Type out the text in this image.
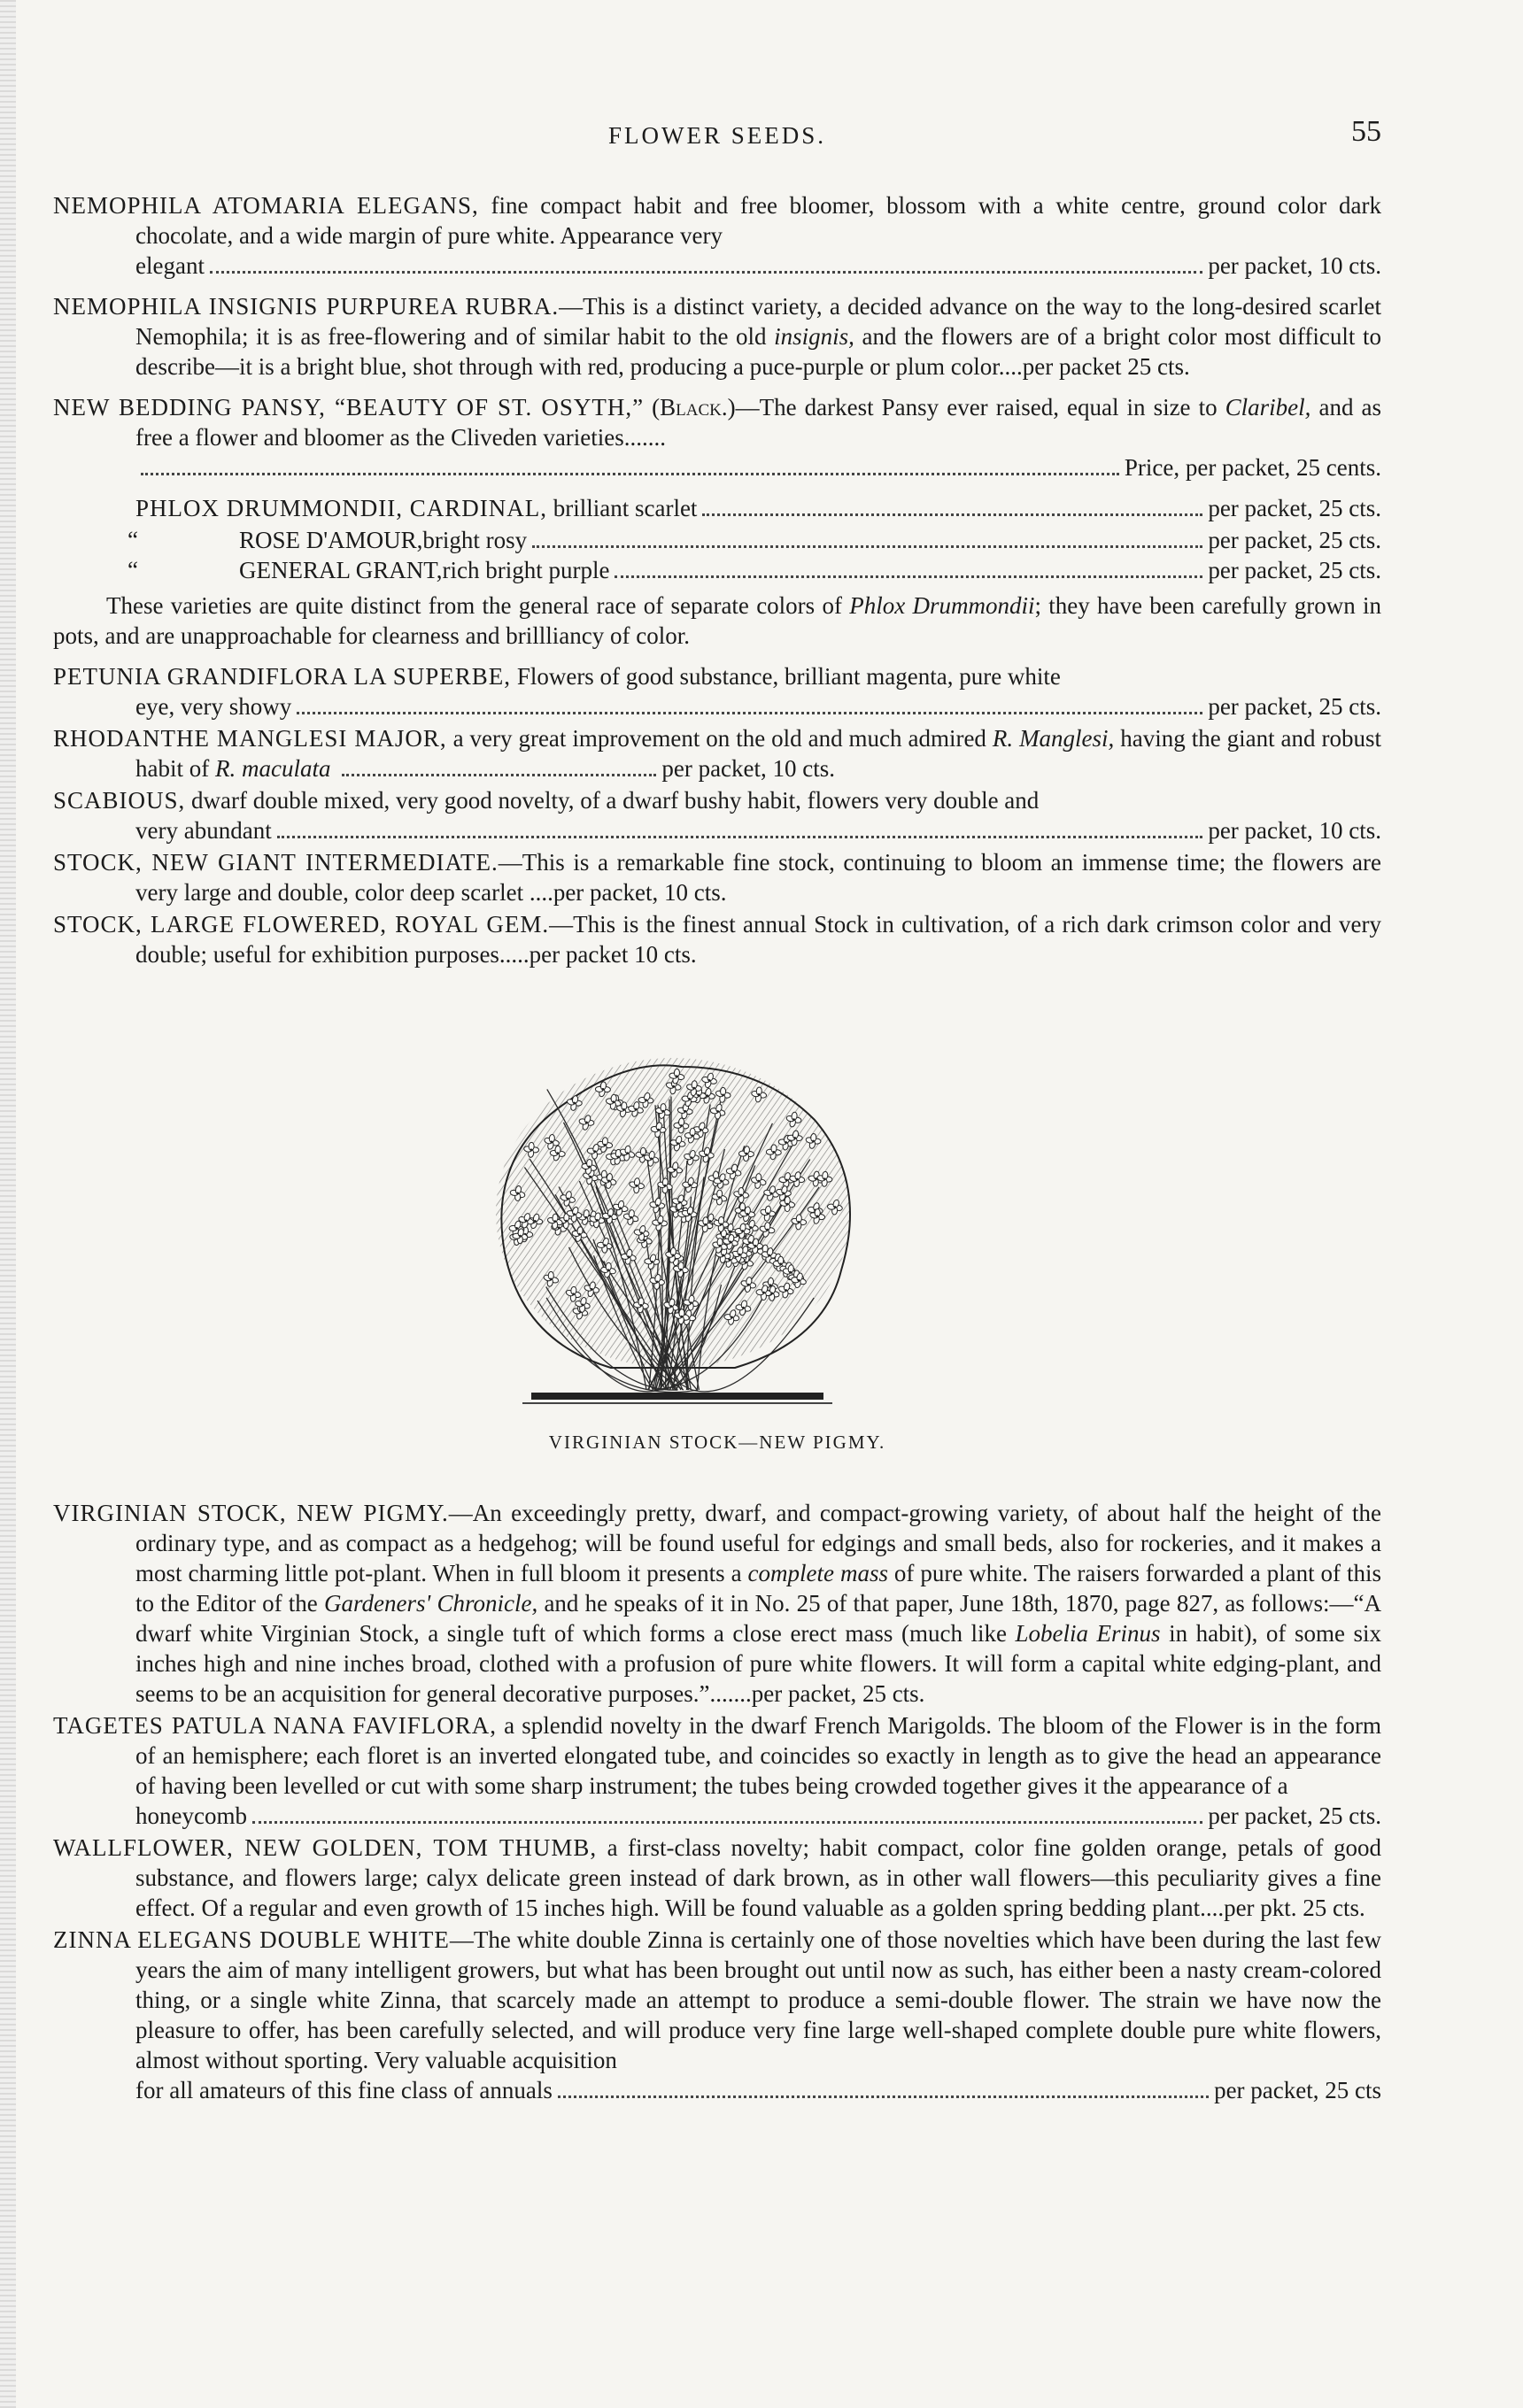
FLOWER SEEDS.	55
NEMOPHILA ATOMARIA ELEGANS, fine compact habit and free bloomer, blossom with a white centre, ground color dark chocolate, and a wide margin of pure white. Appearance very
elegant	per packet, 10 cts.
NEMOPHILA INSIGNIS PURPUREA RUBRA.—This is a distinct variety, a decided advance on the way to the long-desired scarlet Nemophila; it is as free-flowering and of similar habit to the old insignis, and the flowers are of a bright color most difficult to describe—it is a bright blue, shot through with red, producing a puce-purple or plum color....per packet 25 cts.
NEW BEDDING PANSY, “BEAUTY OF ST. OSYTH,” (Black.)—The darkest Pansy ever raised, equal in size to Claribel, and as free a flower and bloomer as the Cliveden varieties.......
Price, per packet, 25 cents.
PHLOX DRUMMONDII, CARDINAL, brilliant scarlet	per packet, 25 cts.
“	ROSE D'AMOUR, bright rosy	per packet, 25 cts.
“	GENERAL GRANT, rich bright purple	per packet, 25 cts.
These varieties are quite distinct from the general race of separate colors of Phlox Drummondii; they have been carefully grown in pots, and are unapproachable for clearness and brillliancy of color.
PETUNIA GRANDIFLORA LA SUPERBE, Flowers of good substance, brilliant magenta, pure white
eye, very showy	per packet, 25 cts.
RHODANTHE MANGLESI MAJOR, a very great improvement on the old and much admired R. Manglesi, having the giant and robust habit of R. maculata	per packet, 10 cts.
SCABIOUS, dwarf double mixed, very good novelty, of a dwarf bushy habit, flowers very double and
very abundant	per packet, 10 cts.
STOCK, NEW GIANT INTERMEDIATE.—This is a remarkable fine stock, continuing to bloom an immense time; the flowers are very large and double, color deep scarlet ....per packet, 10 cts.
STOCK, LARGE FLOWERED, ROYAL GEM.—This is the finest annual Stock in cultivation, of a rich dark crimson color and very double; useful for exhibition purposes.....per packet 10 cts.
VIRGINIAN STOCK—NEW PIGMY.
VIRGINIAN STOCK, NEW PIGMY.—An exceedingly pretty, dwarf, and compact-growing variety, of about half the height of the ordinary type, and as compact as a hedgehog; will be found useful for edgings and small beds, also for rockeries, and it makes a most charming little pot-plant. When in full bloom it presents a complete mass of pure white. The raisers forwarded a plant of this to the Editor of the Gardeners' Chronicle, and he speaks of it in No. 25 of that paper, June 18th, 1870, page 827, as follows:—“A dwarf white Virginian Stock, a single tuft of which forms a close erect mass (much like Lobelia Erinus in habit), of some six inches high and nine inches broad, clothed with a profusion of pure white flowers. It will form a capital white edging-plant, and seems to be an acquisition for general decorative purposes.”.......per packet, 25 cts.
TAGETES PATULA NANA FAVIFLORA, a splendid novelty in the dwarf French Marigolds. The bloom of the Flower is in the form of an hemisphere; each floret is an inverted elongated tube, and coincides so exactly in length as to give the head an appearance of having been levelled or cut with some sharp instrument; the tubes being crowded together gives it the appearance of a
honeycomb	per packet, 25 cts.
WALLFLOWER, NEW GOLDEN, TOM THUMB, a first-class novelty; habit compact, color fine golden orange, petals of good substance, and flowers large; calyx delicate green instead of dark brown, as in other wall flowers—this peculiarity gives a fine effect. Of a regular and even growth of 15 inches high. Will be found valuable as a golden spring bedding plant....per pkt. 25 cts.
ZINNA ELEGANS DOUBLE WHITE—The white double Zinna is certainly one of those novelties which have been during the last few years the aim of many intelligent growers, but what has been brought out until now as such, has either been a nasty cream-colored thing, or a single white Zinna, that scarcely made an attempt to produce a semi-double flower. The strain we have now the pleasure to offer, has been carefully selected, and will produce very fine large well-shaped complete double pure white flowers, almost without sporting. Very valuable acquisition
for all amateurs of this fine class of annuals	per packet, 25 cts
